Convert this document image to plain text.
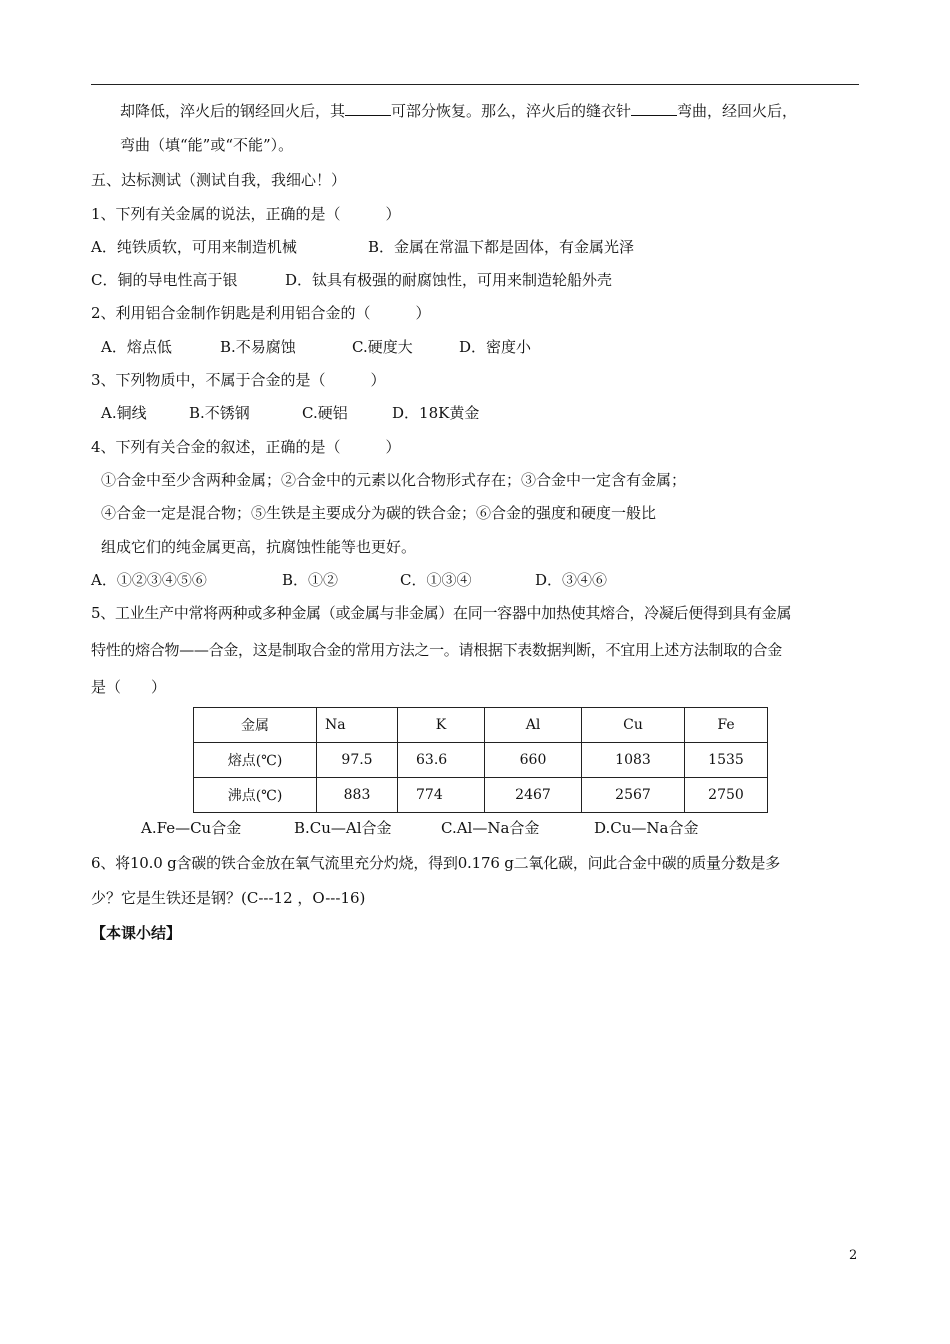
却降低，淬火后的钢经回火后，其	可部分恢复。那么，淬火后的缝衣针	弯曲，经回火后，
弯曲（填“能”或“不能”）。
五、达标测试（测试自我，我细心！）
1、下列有关金属的说法，正确的是（　　　）
A．纯铁质软，可用来制造机械	B．金属在常温下都是固体，有金属光泽
C．铜的导电性高于银	D．钛具有极强的耐腐蚀性，可用来制造轮船外壳
2、利用铝合金制作钥匙是利用铝合金的（　　　）
A．熔点低	B.不易腐蚀	C.硬度大	D．密度小
3、下列物质中，不属于合金的是（　　　）
A.铜线	B.不锈钢	C.硬铝	D．18K黄金
4、下列有关合金的叙述，正确的是（　　　）
①合金中至少含两种金属；②合金中的元素以化合物形式存在；③合金中一定含有金属；
④合金一定是混合物；⑤生铁是主要成分为碳的铁合金；⑥合金的强度和硬度一般比
组成它们的纯金属更高，抗腐蚀性能等也更好。
A．①②③④⑤⑥	B．①②	C．①③④	D．③④⑥
5、工业生产中常将两种或多种金属（或金属与非金属）在同一容器中加热使其熔合，冷凝后便得到具有金属
特性的熔合物——合金，这是制取合金的常用方法之一。请根据下表数据判断，不宜用上述方法制取的合金
是（　　）
金属	Na	K	Al	Cu	Fe
熔点(℃)	97.5	63.6	660	1083	1535
沸点(℃)	883	774	2467	2567	2750
A.Fe—Cu合金	B.Cu—Al合金	C.Al—Na合金	D.Cu—Na合金
6、将10.0 g含碳的铁合金放在氧气流里充分灼烧，得到0.176 g二氧化碳，问此合金中碳的质量分数是多
少？它是生铁还是钢？(C---12 ，O---16)
【本课小结】
2
